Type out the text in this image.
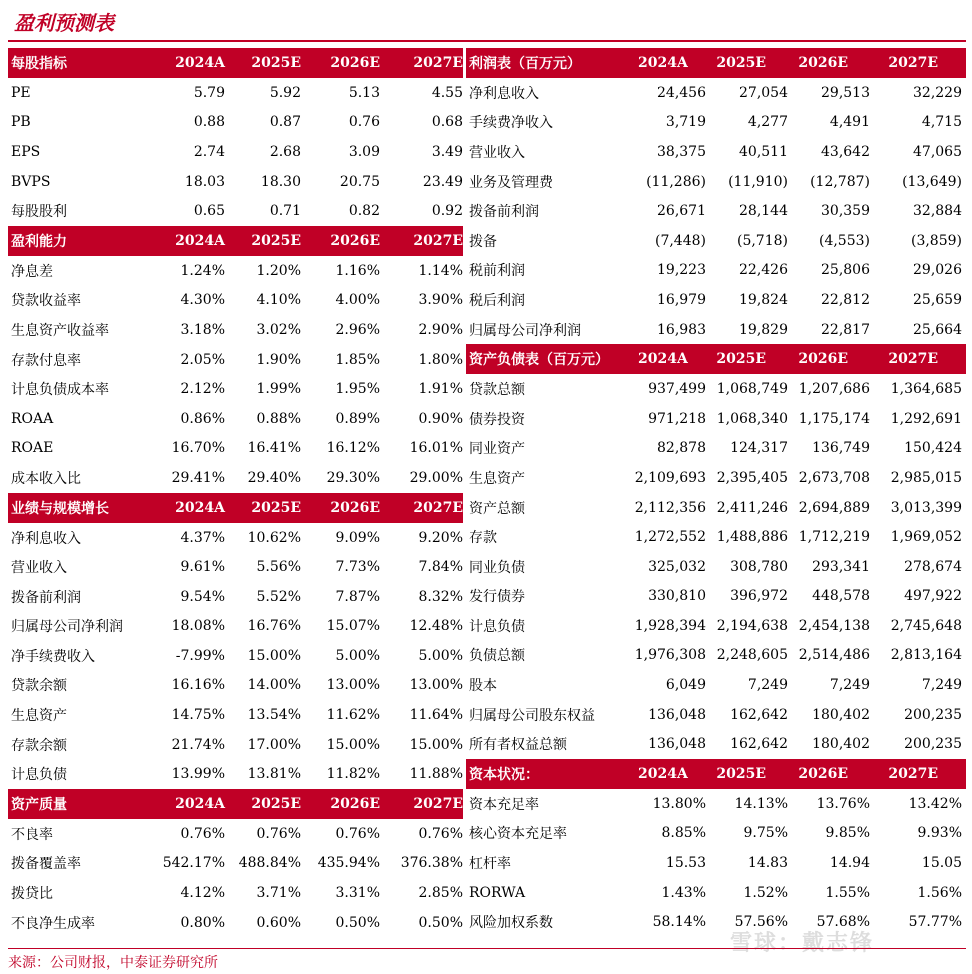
盈利预测表
每股指标	2024A	2025E	2026E	2027E
PE	5.79	5.92	5.13	4.55
PB	0.88	0.87	0.76	0.68
EPS	2.74	2.68	3.09	3.49
BVPS	18.03	18.30	20.75	23.49
每股股利	0.65	0.71	0.82	0.92
盈利能力	2024A	2025E	2026E	2027E
净息差	1.24%	1.20%	1.16%	1.14%
贷款收益率	4.30%	4.10%	4.00%	3.90%
生息资产收益率	3.18%	3.02%	2.96%	2.90%
存款付息率	2.05%	1.90%	1.85%	1.80%
计息负债成本率	2.12%	1.99%	1.95%	1.91%
ROAA	0.86%	0.88%	0.89%	0.90%
ROAE	16.70%	16.41%	16.12%	16.01%
成本收入比	29.41%	29.40%	29.30%	29.00%
业绩与规模增长	2024A	2025E	2026E	2027E
净利息收入	4.37%	10.62%	9.09%	9.20%
营业收入	9.61%	5.56%	7.73%	7.84%
拨备前利润	9.54%	5.52%	7.87%	8.32%
归属母公司净利润	18.08%	16.76%	15.07%	12.48%
净手续费收入	-7.99%	15.00%	5.00%	5.00%
贷款余额	16.16%	14.00%	13.00%	13.00%
生息资产	14.75%	13.54%	11.62%	11.64%
存款余额	21.74%	17.00%	15.00%	15.00%
计息负债	13.99%	13.81%	11.82%	11.88%
资产质量	2024A	2025E	2026E	2027E
不良率	0.76%	0.76%	0.76%	0.76%
拨备覆盖率	542.17% 488.84%	435.94%	376.38%
拨贷比	4.12%	3.71%	3.31%	2.85%
不良净生成率	0.80%	0.60%	0.50%	0.50%
利润表（百万元）	2024A	2025E	2026E	2027E
净利息收入	24,456	27,054	29,513	32,229
手续费净收入	3,719	4,277	4,491	4,715
营业收入	38,375	40,511	43,642	47,065
业务及管理费	(11,286)	(11,910)	(12,787)	(13,649)
拨备前利润	26,671	28,144	30,359	32,884
拨备	(7,448)	(5,718)	(4,553)	(3,859)
税前利润	19,223	22,426	25,806	29,026
税后利润	16,979	19,824	22,812	25,659
归属母公司净利润	16,983	19,829	22,817	25,664
资产负债表（百万元）	2024A	2025E	2026E	2027E
贷款总额	937,499 1,068,749 1,207,686	1,364,685
债券投资	971,218 1,068,340 1,175,174	1,292,691
同业资产	82,878	124,317	136,749	150,424
生息资产	2,109,693 2,395,405 2,673,708	2,985,015
资产总额	2,112,356 2,411,246 2,694,889	3,013,399
存款	1,272,552 1,488,886 1,712,219	1,969,052
同业负债	325,032	308,780	293,341	278,674
发行债券	330,810	396,972	448,578	497,922
计息负债	1,928,394 2,194,638 2,454,138	2,745,648
负债总额	1,976,308 2,248,605 2,514,486	2,813,164
股本	6,049	7,249	7,249	7,249
归属母公司股东权益	136,048	162,642	180,402	200,235
所有者权益总额	136,048	162,642	180,402	200,235
资本状况：	2024A	2025E	2026E	2027E
资本充足率	13.80%	14.13%	13.76%	13.42%
核心资本充足率	8.85%	9.75%	9.85%	9.93%
杠杆率	15.53	14.83	14.94	15.05
RORWA	1.43%	1.52%	1.55%	1.56%
风险加权系数	58.14%	57.56%	57.68%	57.77%
雪球：戴志锋
来源：公司财报，中泰证券研究所
